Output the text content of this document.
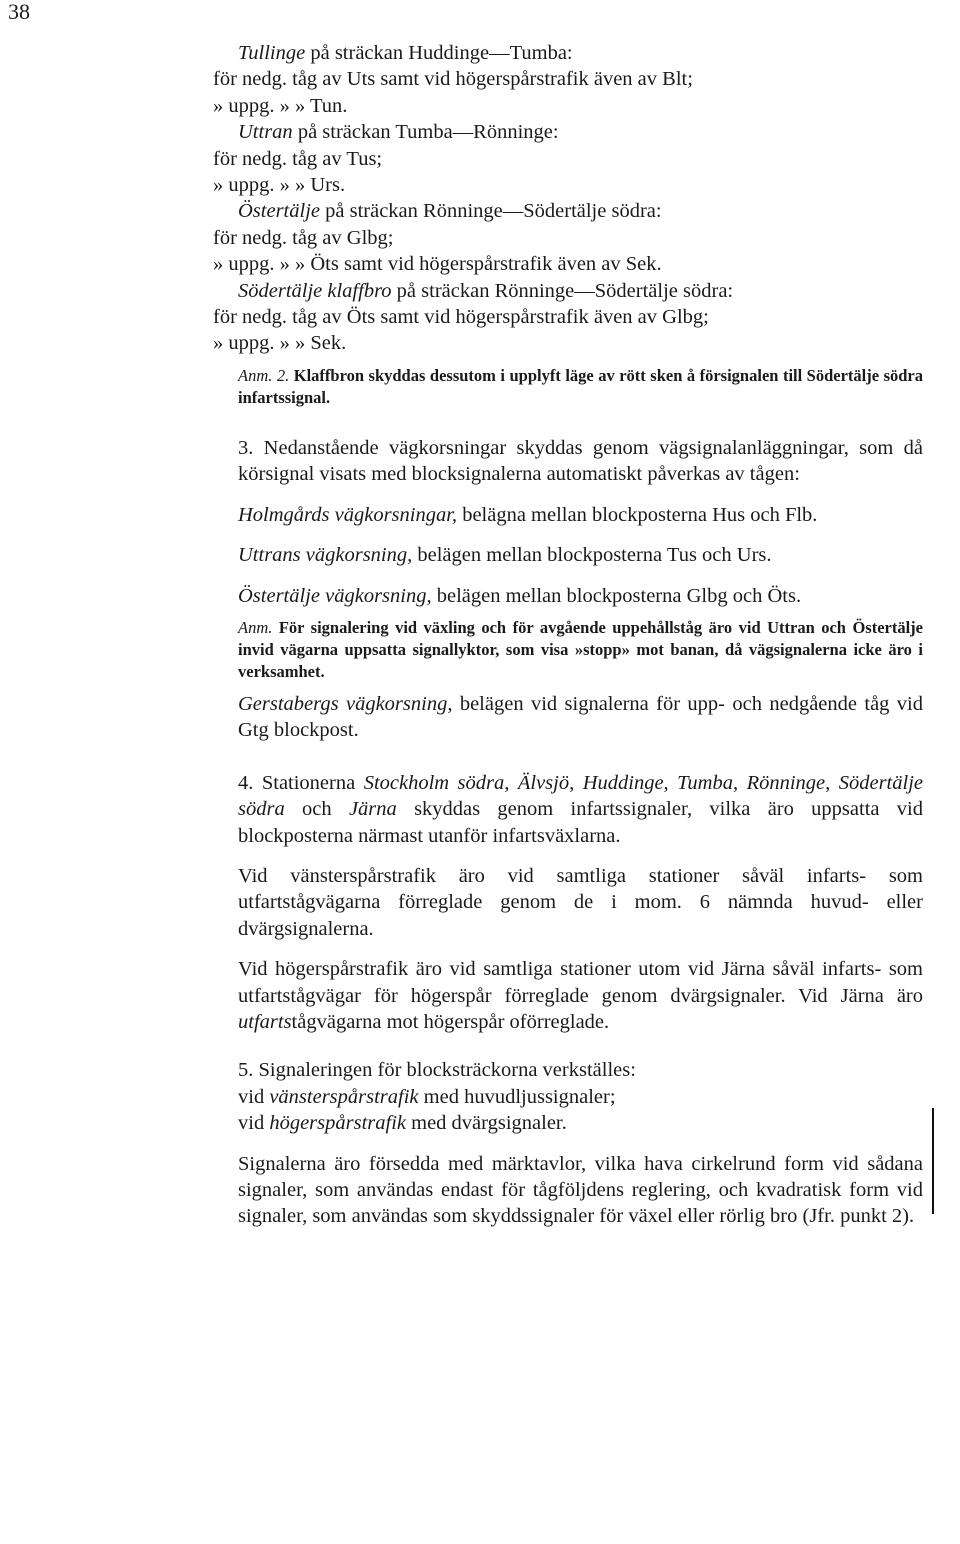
38

Tullinge på sträckan Huddinge—Tumba:

för nedg. tåg av Uts samt vid högerspårstrafik även av Blt;

» uppg. » » Tun.

Uttran på sträckan Tumba—Rönninge:

för nedg. tåg av Tus;

» uppg. » » Urs.

Östertälje på sträckan Rönninge—Södertälje södra:

för nedg. tåg av Glbg;

» uppg. » » Öts samt vid högerspårstrafik även av Sek.

Södertälje klaffbro på sträckan Rönninge—Södertälje södra:

för nedg. tåg av Öts samt vid högerspårstrafik även av Glbg;

» uppg. » » Sek.

Anm. 2. Klaffbron skyddas dessutom i upplyft läge av rött sken å försignalen till Södertälje södra infartssignal.

3. Nedanstående vägkorsningar skyddas genom vägsignalanläggningar, som då körsignal visats med blocksignalerna automatiskt påverkas av tågen:

Holmgårds vägkorsningar, belägna mellan blockposterna Hus och Flb.

Uttrans vägkorsning, belägen mellan blockposterna Tus och Urs.

Östertälje vägkorsning, belägen mellan blockposterna Glbg och Öts.

Anm. För signalering vid växling och för avgående uppehållståg äro vid Uttran och Östertälje invid vägarna uppsatta signallyktor, som visa »stopp» mot banan, då vägsignalerna icke äro i verksamhet.

Gerstabergs vägkorsning, belägen vid signalerna för upp- och nedgående tåg vid Gtg blockpost.

4. Stationerna Stockholm södra, Älvsjö, Huddinge, Tumba, Rönninge, Södertälje södra och Järna skyddas genom infartssignaler, vilka äro uppsatta vid blockposterna närmast utanför infartsväxlarna.

Vid vänsterspårstrafik äro vid samtliga stationer såväl infarts- som utfartstågvägarna förreglade genom de i mom. 6 nämnda huvud- eller dvärgsignalerna.

Vid högerspårstrafik äro vid samtliga stationer utom vid Järna såväl infarts- som utfartstågvägar för högerspår förreglade genom dvärgsignaler. Vid Järna äro utfartstågvägarna mot högerspår oförreglade.

5. Signaleringen för blocksträckorna verkställes:

vid vänsterspårstrafik med huvudljussignaler;

vid högerspårstrafik med dvärgsignaler.

Signalerna äro försedda med märktavlor, vilka hava cirkelrund form vid sådana signaler, som användas endast för tågföljdens reglering, och kvadratisk form vid signaler, som användas som skyddssignaler för växel eller rörlig bro (Jfr. punkt 2).
